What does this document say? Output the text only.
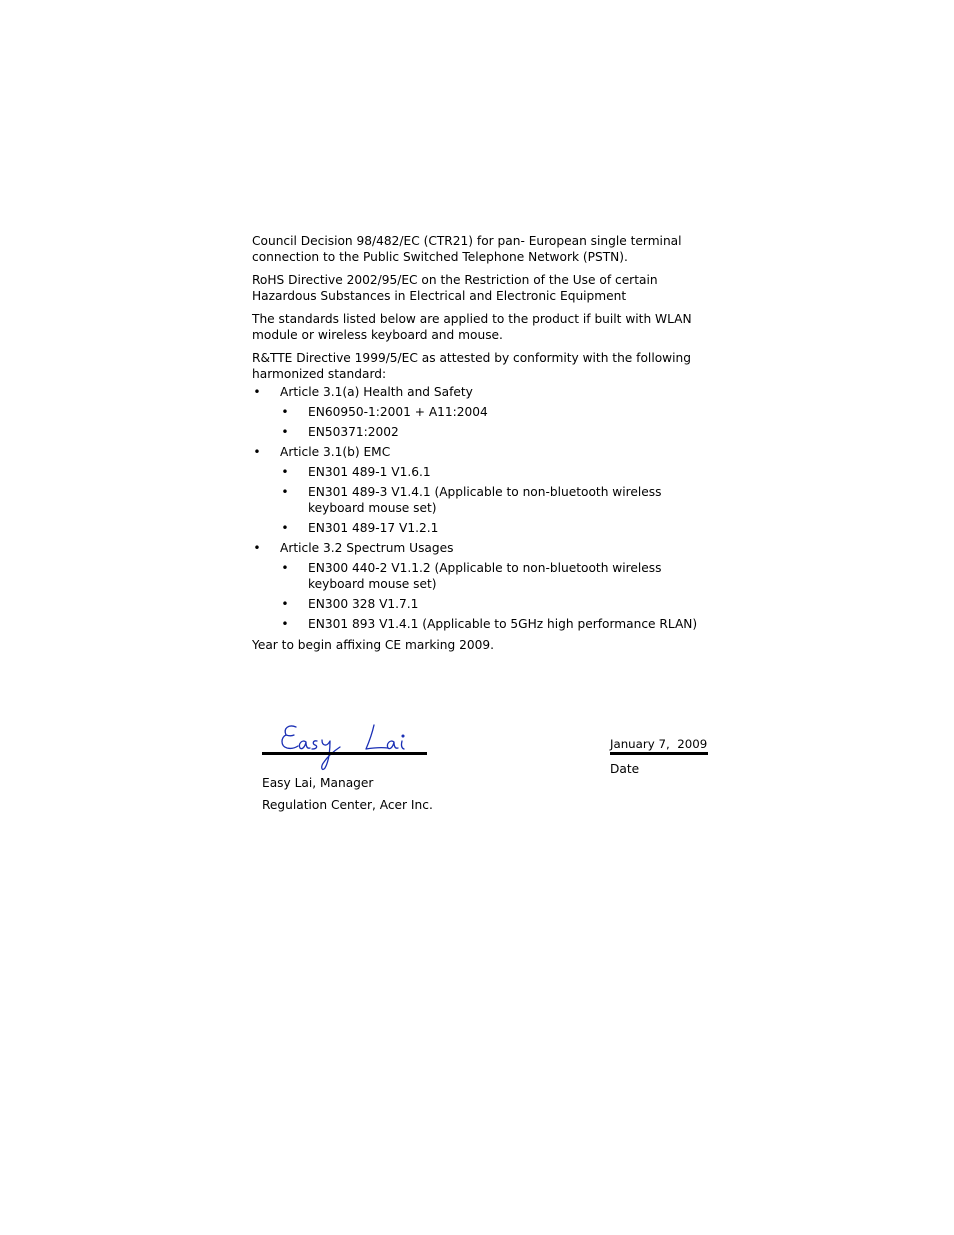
Council Decision 98/482/EC (CTR21) for pan- European single terminal connection to the Public Switched Telephone Network (PSTN).

RoHS Directive 2002/95/EC on the Restriction of the Use of certain Hazardous Substances in Electrical and Electronic Equipment

The standards listed below are applied to the product if built with WLAN module or wireless keyboard and mouse.

R&TTE Directive 1999/5/EC as attested by conformity with the following harmonized standard:

• Article 3.1(a) Health and Safety
• EN60950-1:2001 + A11:2004
• EN50371:2002
• Article 3.1(b) EMC
• EN301 489-1 V1.6.1
• EN301 489-3 V1.4.1 (Applicable to non-bluetooth wireless keyboard mouse set)
• EN301 489-17 V1.2.1
• Article 3.2 Spectrum Usages
• EN300 440-2 V1.1.2 (Applicable to non-bluetooth wireless keyboard mouse set)
• EN300 328 V1.7.1
• EN301 893 V1.4.1 (Applicable to 5GHz high performance RLAN)

Year to begin affixing CE marking 2009.

Easy Lai, Manager
Regulation Center, Acer Inc.
January 7,  2009
Date
